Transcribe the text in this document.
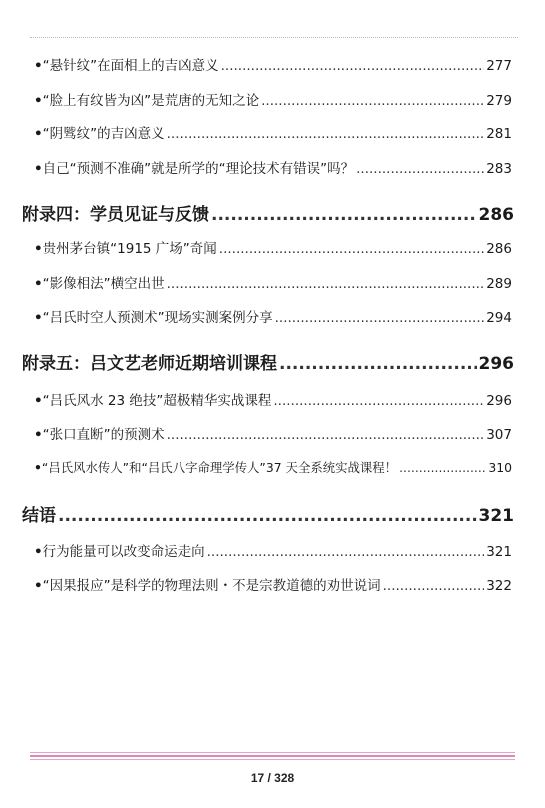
• “悬针纹”在面相上的吉凶意义 .....	277
• “脸上有纹皆为凶”是荒唐的无知之论 .....	279
• “阴骘纹”的吉凶意义 .....	281
• 自己“预测不准确”就是所学的“理论技术有错误”吗？ .....	283
附录四：学员见证与反馈 .....	286
• 贵州茅台镇“1915 广场”奇闻 .....	286
• “影像相法”横空出世 .....	289
• “吕氏时空人预测术”现场实测案例分享 .....	294
附录五：吕文艺老师近期培训课程 .....	296
• “吕氏风水 23 绝技”超极精华实战课程 .....	296
• “张口直断”的预测术 .....	307
• “吕氏风水传人”和“吕氏八字命理学传人”37 天全系统实战课程！ .....	310
结语 .....	321
• 行为能量可以改变命运走向 .....	321
• “因果报应”是科学的物理法则・不是宗教道德的劝世说词 .....	322
17 / 328
